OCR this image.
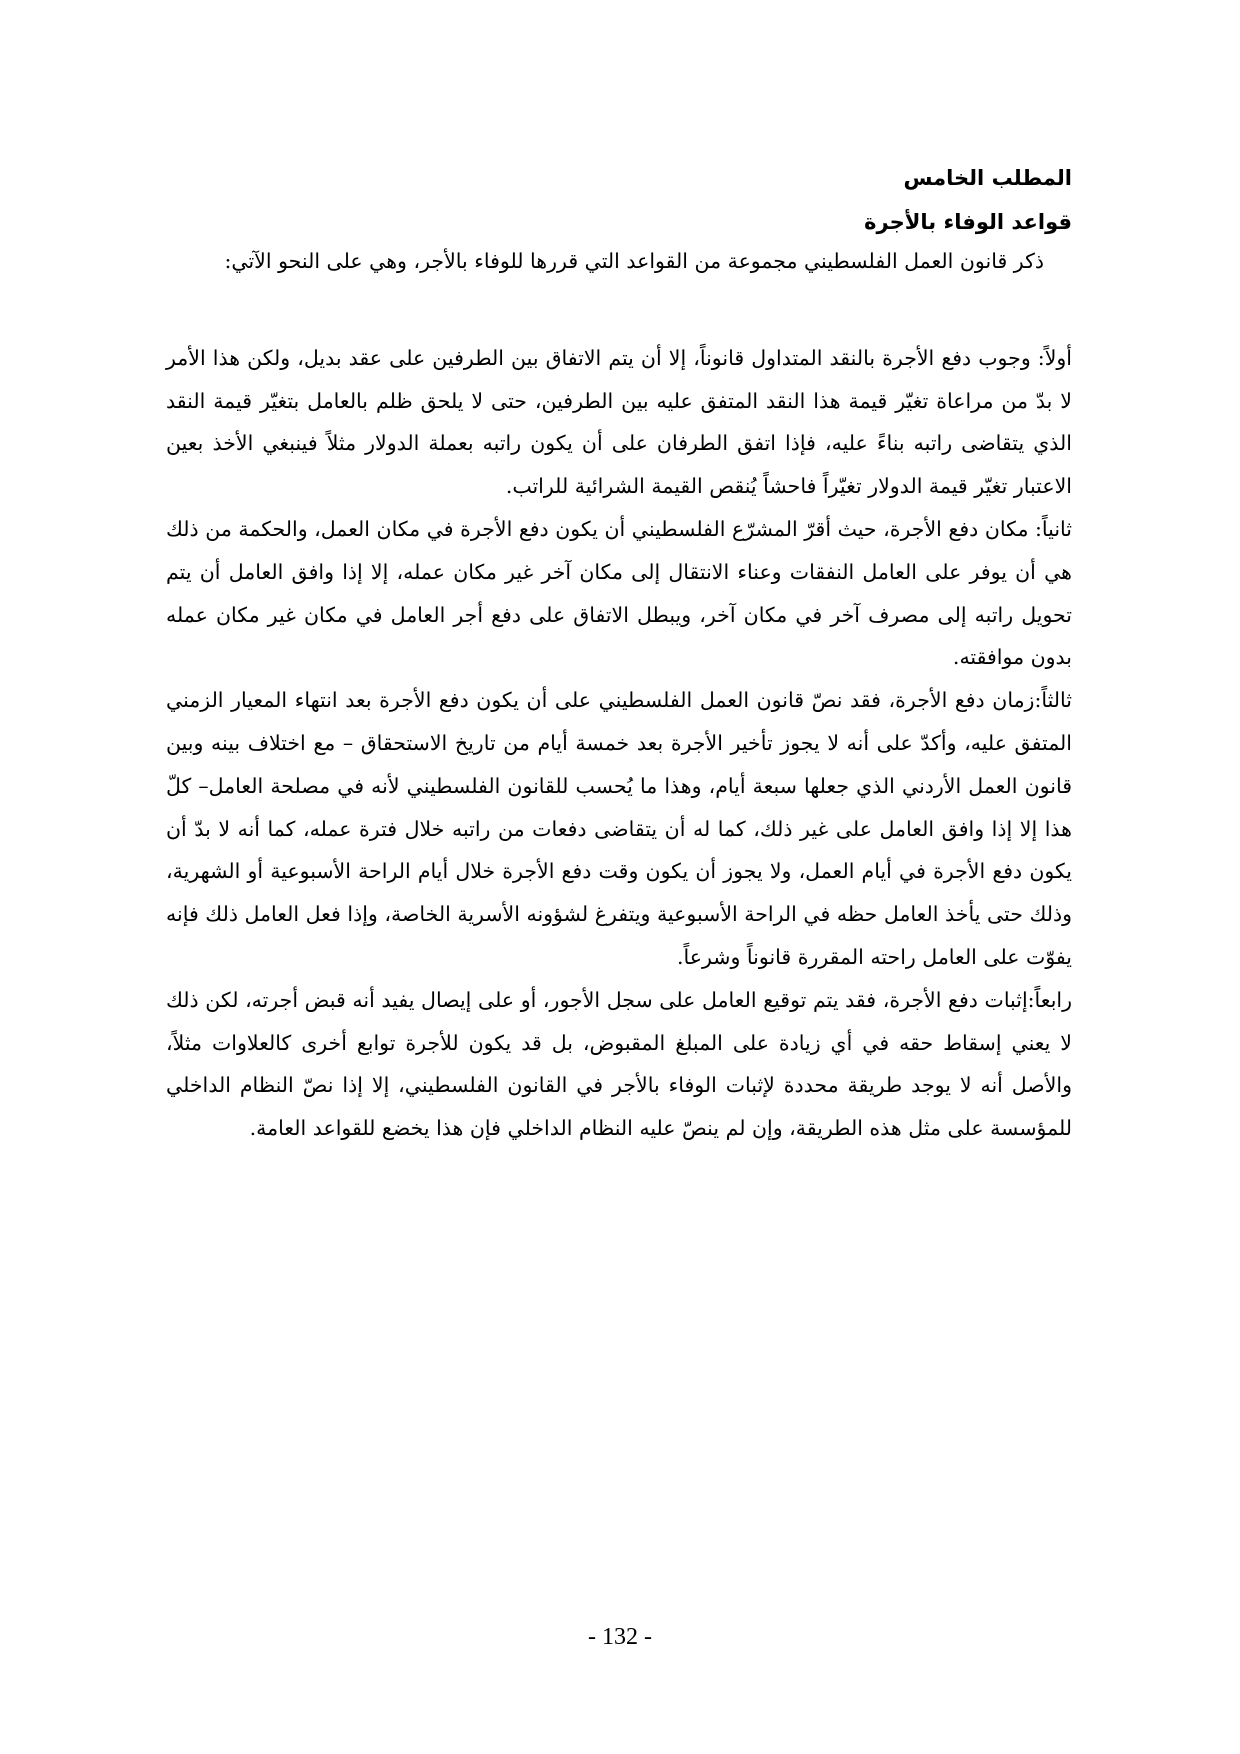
المطلب الخامس
قواعد الوفاء بالأجرة

ذكر قانون العمل الفلسطيني مجموعة من القواعد التي قررها للوفاء بالأجر، وهي على النحو الآتي:

أولاً: وجوب دفع الأجرة بالنقد المتداول قانوناً، إلا أن يتم الاتفاق بين الطرفين على عقد بديل، ولكن هذا الأمر لا بدّ من مراعاة تغيّر قيمة هذا النقد المتفق عليه بين الطرفين، حتى لا يلحق ظلم بالعامل بتغيّر قيمة النقد الذي يتقاضى راتبه بناءً عليه، فإذا اتفق الطرفان على أن يكون راتبه بعملة الدولار مثلاً فينبغي الأخذ بعين الاعتبار تغيّر قيمة الدولار تغيّراً فاحشاً يُنقص القيمة الشرائية للراتب.

ثانياً: مكان دفع الأجرة، حيث أقرّ المشرّع الفلسطيني أن يكون دفع الأجرة في مكان العمل، والحكمة من ذلك هي أن يوفر على العامل النفقات وعناء الانتقال إلى مكان آخر غير مكان عمله، إلا إذا وافق العامل أن يتم تحويل راتبه إلى مصرف آخر في مكان آخر، ويبطل الاتفاق على دفع أجر العامل في مكان غير مكان عمله بدون موافقته.

ثالثاً:زمان دفع الأجرة، فقد نصّ قانون العمل الفلسطيني على أن يكون دفع الأجرة بعد انتهاء المعيار الزمني المتفق عليه، وأكدّ على أنه لا يجوز تأخير الأجرة بعد خمسة أيام من تاريخ الاستحقاق – مع اختلاف بينه وبين قانون العمل الأردني الذي جعلها سبعة أيام، وهذا ما يُحسب للقانون الفلسطيني لأنه في مصلحة العامل– كلّ هذا إلا إذا وافق العامل على غير ذلك، كما له أن يتقاضى دفعات من راتبه خلال فترة عمله، كما أنه لا بدّ أن يكون دفع الأجرة في أيام العمل، ولا يجوز أن يكون وقت دفع الأجرة خلال أيام الراحة الأسبوعية أو الشهرية، وذلك حتى يأخذ العامل حظه في الراحة الأسبوعية ويتفرغ لشؤونه الأسرية الخاصة، وإذا فعل العامل ذلك فإنه يفوّت على العامل راحته المقررة قانوناً وشرعاً.

رابعاًَ:إثبات دفع الأجرة، فقد يتم توقيع العامل على سجل الأجور، أو على إيصال يفيد أنه قبض أجرته، لكن ذلك لا يعني إسقاط حقه في أي زيادة على المبلغ المقبوض، بل قد يكون للأجرة توابع أخرى كالعلاوات مثلاً، والأصل أنه لا يوجد طريقة محددة لإثبات الوفاء بالأجر في القانون الفلسطيني، إلا إذا نصّ النظام الداخلي للمؤسسة على مثل هذه الطريقة، وإن لم ينصّ عليه النظام الداخلي فإن هذا يخضع للقواعد العامة.

- 132 -
